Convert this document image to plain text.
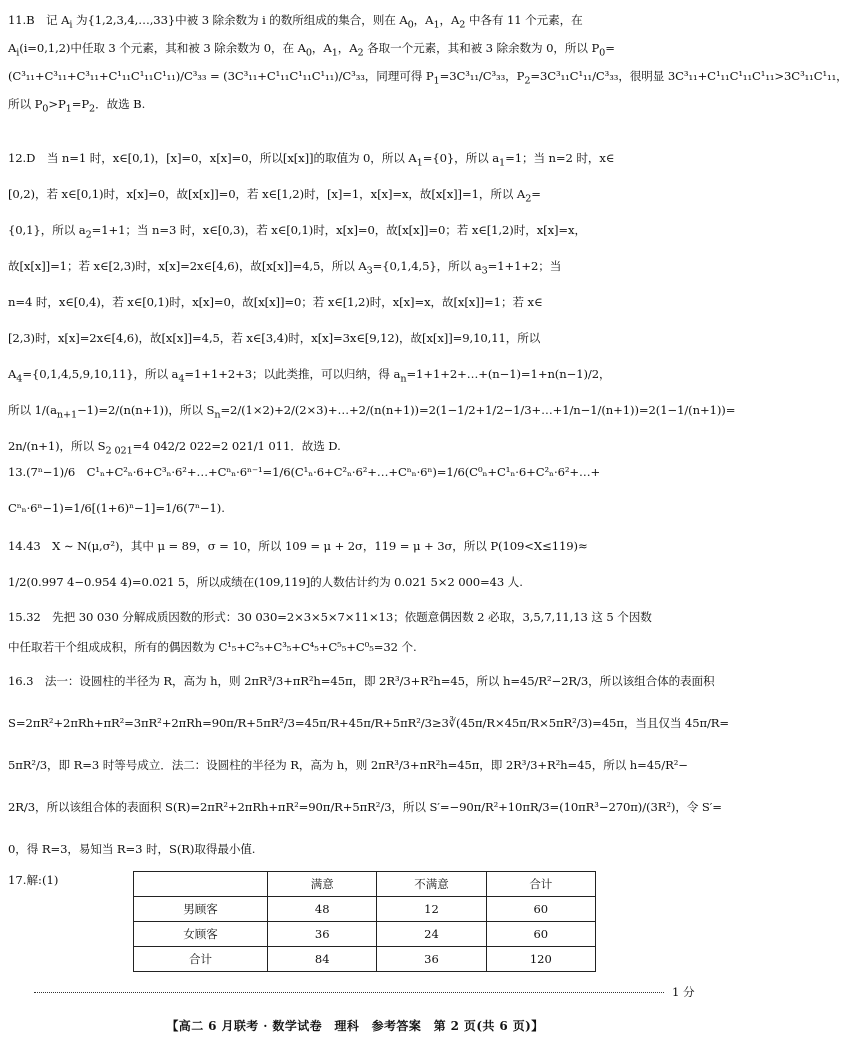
11.B　记 $A_i$ 为{1,2,3,4,…,33}中被 3 除余数为 i 的数所组成的集合，则在 $A_0$，$A_1$，$A_2$ 中各有 11 个元素，在
$A_i(i=0,1,2)$中任取 3 个元素，其和被 3 除余数为 0，在 $A_0$，$A_1$，$A_2$ 各取一个元素，其和被 3 除余数为 0，所以 $P_0=$
(C³₁₁+C³₁₁+C³₁₁+C¹₁₁C¹₁₁C¹₁₁)/C³₃₃ = (3C³₁₁+C¹₁₁C¹₁₁C¹₁₁)/C³₃₃，同理可得 $P_1=3C^3_{11}$/C³₃₃，$P_2=3C^3_{11}C^1_{11}$/C³₃₃，很明显 3C³₁₁+C¹₁₁C¹₁₁C¹₁₁>3C³₁₁C¹₁₁，
所以 $P_0>P_1=P_2$．故选 B.
12.D　当 n=1 时，x∈[0,1)，[x]=0，x[x]=0，所以[x[x]]的取值为 0，所以 $A_1=\{0\}$，所以 $a_1=1$；当 n=2 时，x∈
[0,2)，若 x∈[0,1)时，x[x]=0，故[x[x]]=0，若 x∈[1,2)时，[x]=1，x[x]=x，故[x[x]]=1，所以 $A_2=$
{0,1}，所以 $a_2=1+1$；当 n=3 时，x∈[0,3)，若 x∈[0,1)时，x[x]=0，故[x[x]]=0；若 x∈[1,2)时，x[x]=x，
故[x[x]]=1；若 x∈[2,3)时，x[x]=2x∈[4,6)，故[x[x]]=4,5，所以 $A_3=\{0,1,4,5\}$，所以 $a_3=1+1+2$；当
n=4 时，x∈[0,4)，若 x∈[0,1)时，x[x]=0，故[x[x]]=0；若 x∈[1,2)时，x[x]=x，故[x[x]]=1；若 x∈
[2,3)时，x[x]=2x∈[4,6)，故[x[x]]=4,5，若 x∈[3,4)时，x[x]=3x∈[9,12)，故[x[x]]=9,10,11，所以
$A_4=\{0,1,4,5,9,10,11\}$，所以 $a_4=1+1+2+3$；以此类推，可以归纳，得 $a_n=1+1+2+\dots+(n-1)=1+n(n-1)/2$，
所以 $1/(a_{n+1}-1)=2/(n(n+1))$，所以 $S_n=2/(1\times 2)+2/(2\times 3)+\dots+2/(n(n+1))=2(1-1/2+1/2-1/3+\dots+1/n-1/(n+1))=2(1-1/(n+1))=$
2n/(n+1)，所以 $S_{2 021}=4$ 042/2 022=2 021/1 011．故选 D.
13.(7ⁿ−1)/6　C¹ₙ+C²ₙ·6+C³ₙ·6²+…+Cⁿₙ·6ⁿ⁻¹=1/6(C¹ₙ·6+C²ₙ·6²+…+Cⁿₙ·6ⁿ)=1/6(C⁰ₙ+C¹ₙ·6+C²ₙ·6²+…+
Cⁿₙ·6ⁿ−1)=1/6[(1+6)ⁿ−1]=1/6(7ⁿ−1).
14.43　X ∼ N(μ,σ²)，其中 μ = 89，σ = 10，所以 109 = μ + 2σ，119 = μ + 3σ，所以 P(109<X≤119)≈
1/2(0.997 4−0.954 4)=0.021 5，所以成绩在(109,119]的人数估计约为 0.021 5×2 000=43 人.
15.32　先把 30 030 分解成质因数的形式：30 030=2×3×5×7×11×13；依题意偶因数 2 必取，3,5,7,11,13 这 5 个因数
中任取若干个组成成积，所有的偶因数为 C¹₅+C²₅+C³₅+C⁴₅+C⁵₅+C⁰₅=32 个.
16.3　法一：设圆柱的半径为 R，高为 h，则 2πR³/3+πR²h=45π，即 2R³/3+R²h=45，所以 h=45/R²−2R/3，所以该组合体的表面积
S=2πR²+2πRh+πR²=3πR²+2πRh=90π/R+5πR²/3=45π/R+45π/R+5πR²/3≥3∛(45π/R×45π/R×5πR²/3)=45π，当且仅当 45π/R=
5πR²/3，即 R=3 时等号成立．法二：设圆柱的半径为 R，高为 h，则 2πR³/3+πR²h=45π，即 2R³/3+R²h=45，所以 h=45/R²−
2R/3，所以该组合体的表面积 S(R)=2πR²+2πRh+πR²=90π/R+5πR²/3，所以 S′=−90π/R²+10πR/3=(10πR³−270π)/(3R²)，令 S′=
0，得 R=3，易知当 R=3 时，S(R)取得最小值.
17.解:(1)
		满意	不满意	合计
男顾客	48	12	60
女顾客	36	24	60
合计	84	36	120
1 分
【高二 6 月联考 · 数学试卷　理科　参考答案　第 2 页(共 6 页)】
